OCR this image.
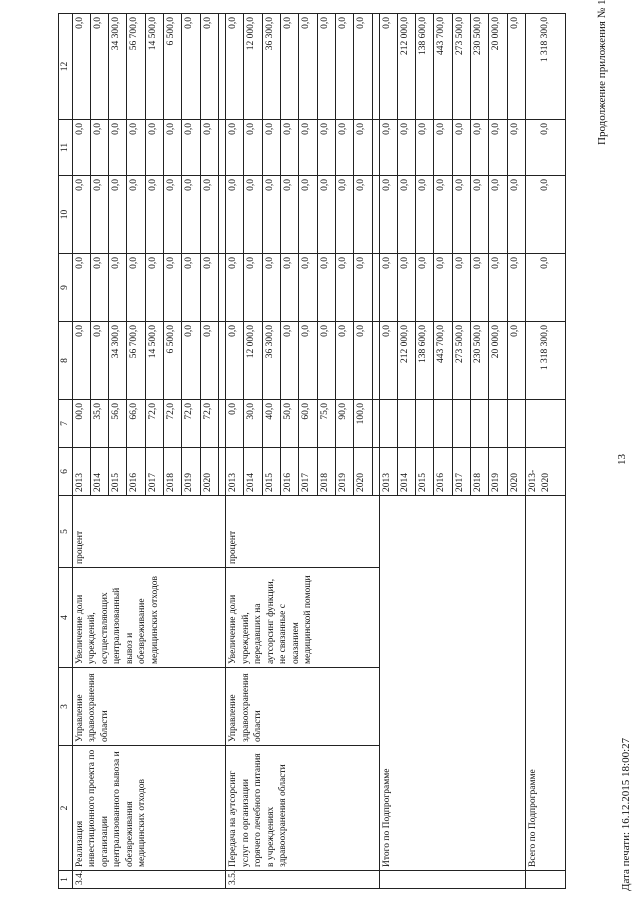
13
Продолжение приложения № 1
Дата печати: 16.12.2015 18:00:27
1	2	3	4	5	6	7	8	9	10	11	12
3.4.	Реализация инвестиционного проекта по организации централизованного вывоза и обезвреживания медицинских отходов	Управление здравоохранения области	Увеличение доли учреждений, осуществляющих централизованный вывоз и обезвреживание медицинских отходов	процент	2013	00,0	0,0	0,0	0,0	0,0	0,0
					2014	35,0	0,0	0,0	0,0	0,0	0,0
					2015	56,0	34 300,0	0,0	0,0	0,0	34 300,0
					2016	66,0	56 700,0	0,0	0,0	0,0	56 700,0
					2017	72,0	14 500,0	0,0	0,0	0,0	14 500,0
					2018	72,0	6 500,0	0,0	0,0	0,0	6 500,0
					2019	72,0	0,0	0,0	0,0	0,0	0,0
					2020	72,0	0,0	0,0	0,0	0,0	0,0

3.5.	Передача на аутсорсинг услуг по организации горячего лечебного питания в учреждениях здравоохранения области	Управление здравоохранения области	Увеличение доли учреждений, передавших на аутсорсинг функции, не связанные с оказанием медицинской помощи	процент	2013	0,0	0,0	0,0	0,0	0,0	0,0
					2014	30,0	12 000,0	0,0	0,0	0,0	12 000,0
					2015	40,0	36 300,0	0,0	0,0	0,0	36 300,0
					2016	50,0	0,0	0,0	0,0	0,0	0,0
					2017	60,0	0,0	0,0	0,0	0,0	0,0
					2018	75,0	0,0	0,0	0,0	0,0	0,0
					2019	90,0	0,0	0,0	0,0	0,0	0,0
					2020	100,0	0,0	0,0	0,0	0,0	0,0

	Итого по Подпрограмме				2013		0,0	0,0	0,0	0,0	0,0
					2014		212 000,0	0,0	0,0	0,0	212 000,0
					2015		138 600,0	0,0	0,0	0,0	138 600,0
					2016		443 700,0	0,0	0,0	0,0	443 700,0
					2017		273 500,0	0,0	0,0	0,0	273 500,0
					2018		230 500,0	0,0	0,0	0,0	230 500,0
					2019		20 000,0	0,0	0,0	0,0	20 000,0
					2020		0,0	0,0	0,0	0,0	0,0
	Всего по Подпрограмме				2013-2020		1 318 300,0	0,0	0,0	0,0	1 318 300,0
